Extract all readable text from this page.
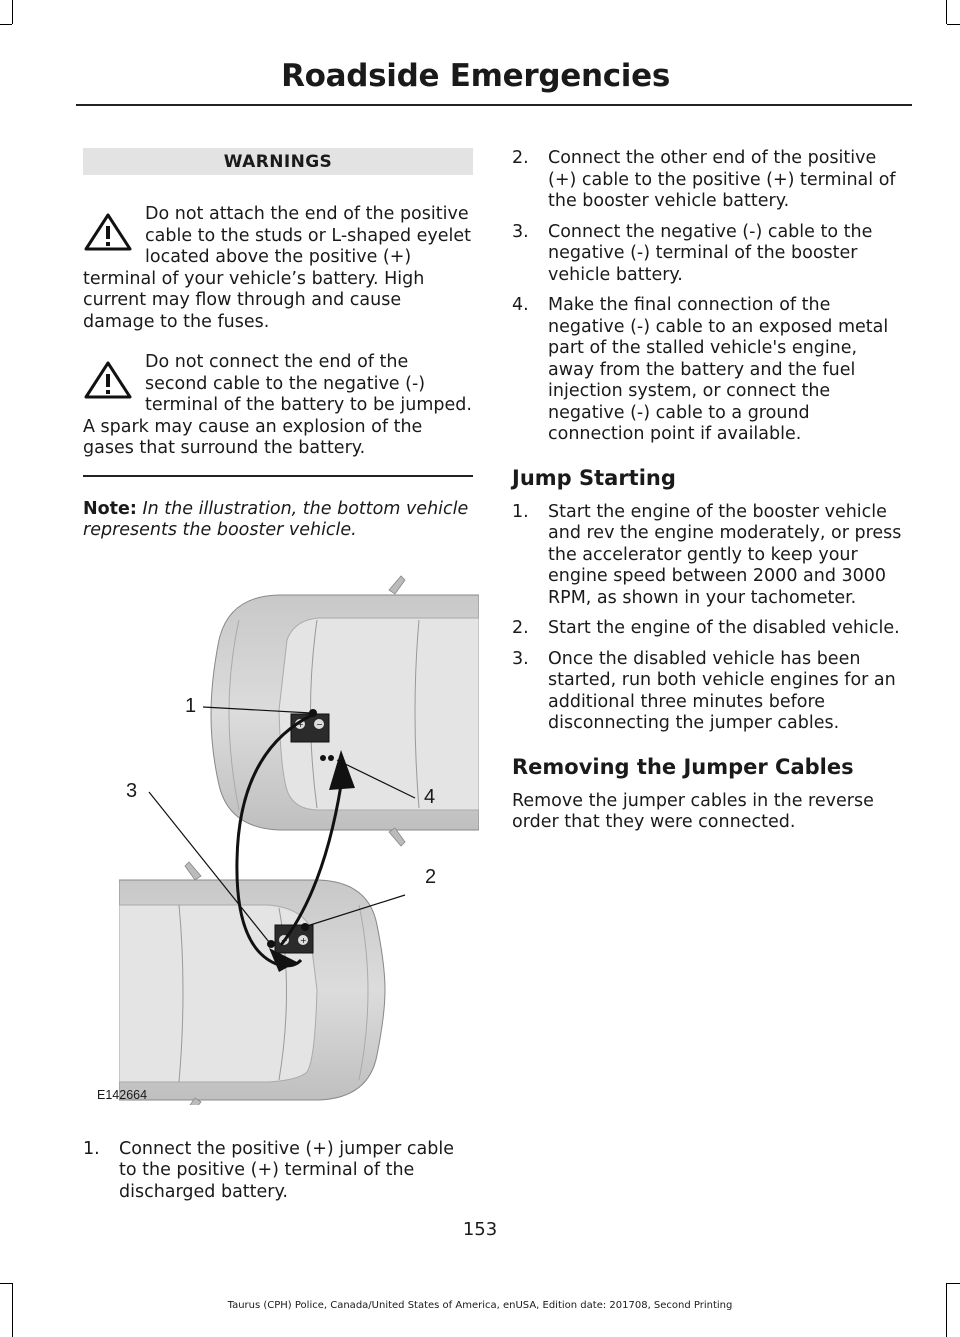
Roadside Emergencies
WARNINGS

Do not attach the end of the positive cable to the studs or L-shaped eyelet located above the positive (+) terminal of your vehicle’s battery. High current may flow through and cause damage to the fuses.

Do not connect the end of the second cable to the negative (-) terminal of the battery to be jumped. A spark may cause an explosion of the gases that surround the battery.

Note: In the illustration, the bottom vehicle represents the booster vehicle.
+ −
− +
1
4
3
2
E142664
1. Connect the positive (+) jumper cable to the positive (+) terminal of the discharged battery.
2. Connect the other end of the positive (+) cable to the positive (+) terminal of the booster vehicle battery.
3. Connect the negative (-) cable to the negative (-) terminal of the booster vehicle battery.
4. Make the final connection of the negative (-) cable to an exposed metal part of the stalled vehicle's engine, away from the battery and the fuel injection system, or connect the negative (-) cable to a ground connection point if available.
Jump Starting
1. Start the engine of the booster vehicle and rev the engine moderately, or press the accelerator gently to keep your engine speed between 2000 and 3000 RPM, as shown in your tachometer.
2. Start the engine of the disabled vehicle.
3. Once the disabled vehicle has been started, run both vehicle engines for an additional three minutes before disconnecting the jumper cables.
Removing the Jumper Cables

Remove the jumper cables in the reverse order that they were connected.

153
Taurus (CPH) Police, Canada/United States of America, enUSA, Edition date: 201708, Second Printing
